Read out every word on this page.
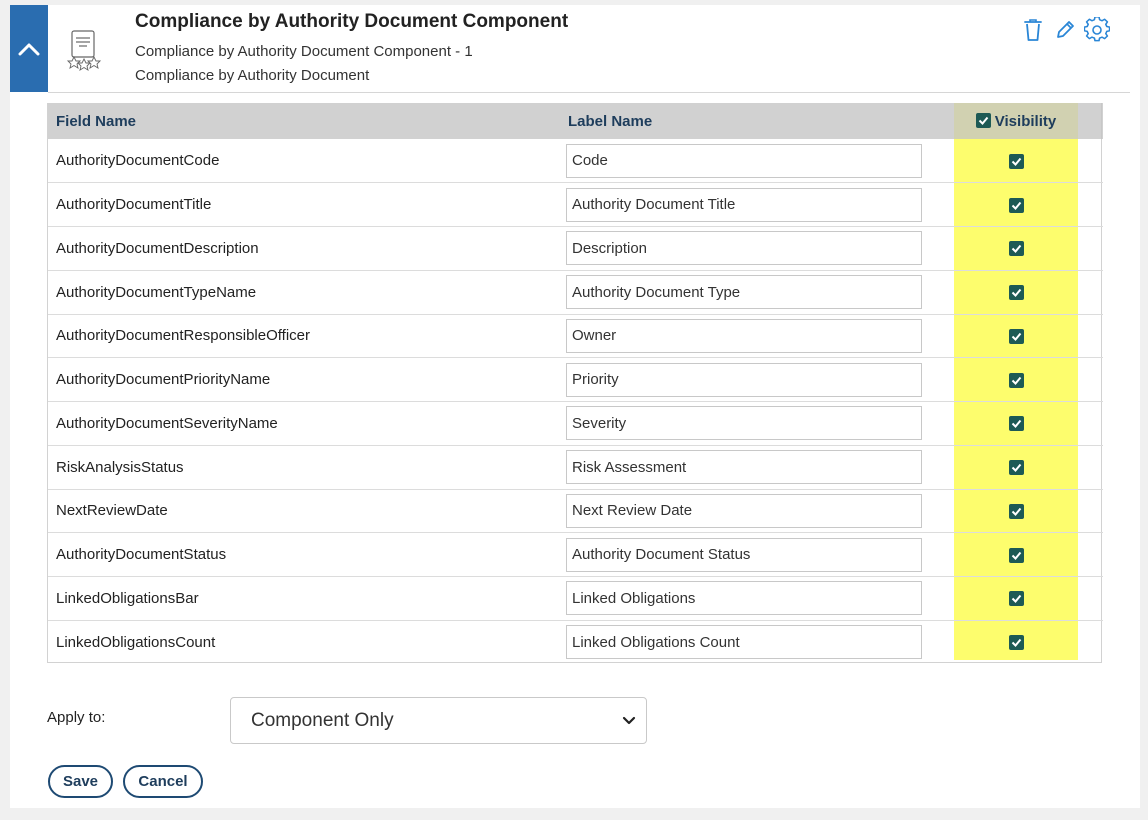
Compliance by Authority Document Component
Compliance by Authority Document Component - 1
Compliance by Authority Document
Field Name	Label Name	Visibility	
AuthorityDocumentCode	Code	

AuthorityDocumentTitle	Authority Document Title	

AuthorityDocumentDescription	Description	

AuthorityDocumentTypeName	Authority Document Type	

AuthorityDocumentResponsibleOfficer	Owner	

AuthorityDocumentPriorityName	Priority	

AuthorityDocumentSeverityName	Severity	

RiskAnalysisStatus	Risk Assessment	

NextReviewDate	Next Review Date	

AuthorityDocumentStatus	Authority Document Status	

LinkedObligationsBar	Linked Obligations	

LinkedObligationsCount	Linked Obligations Count	

Apply to:	Component Only
Save	Cancel
